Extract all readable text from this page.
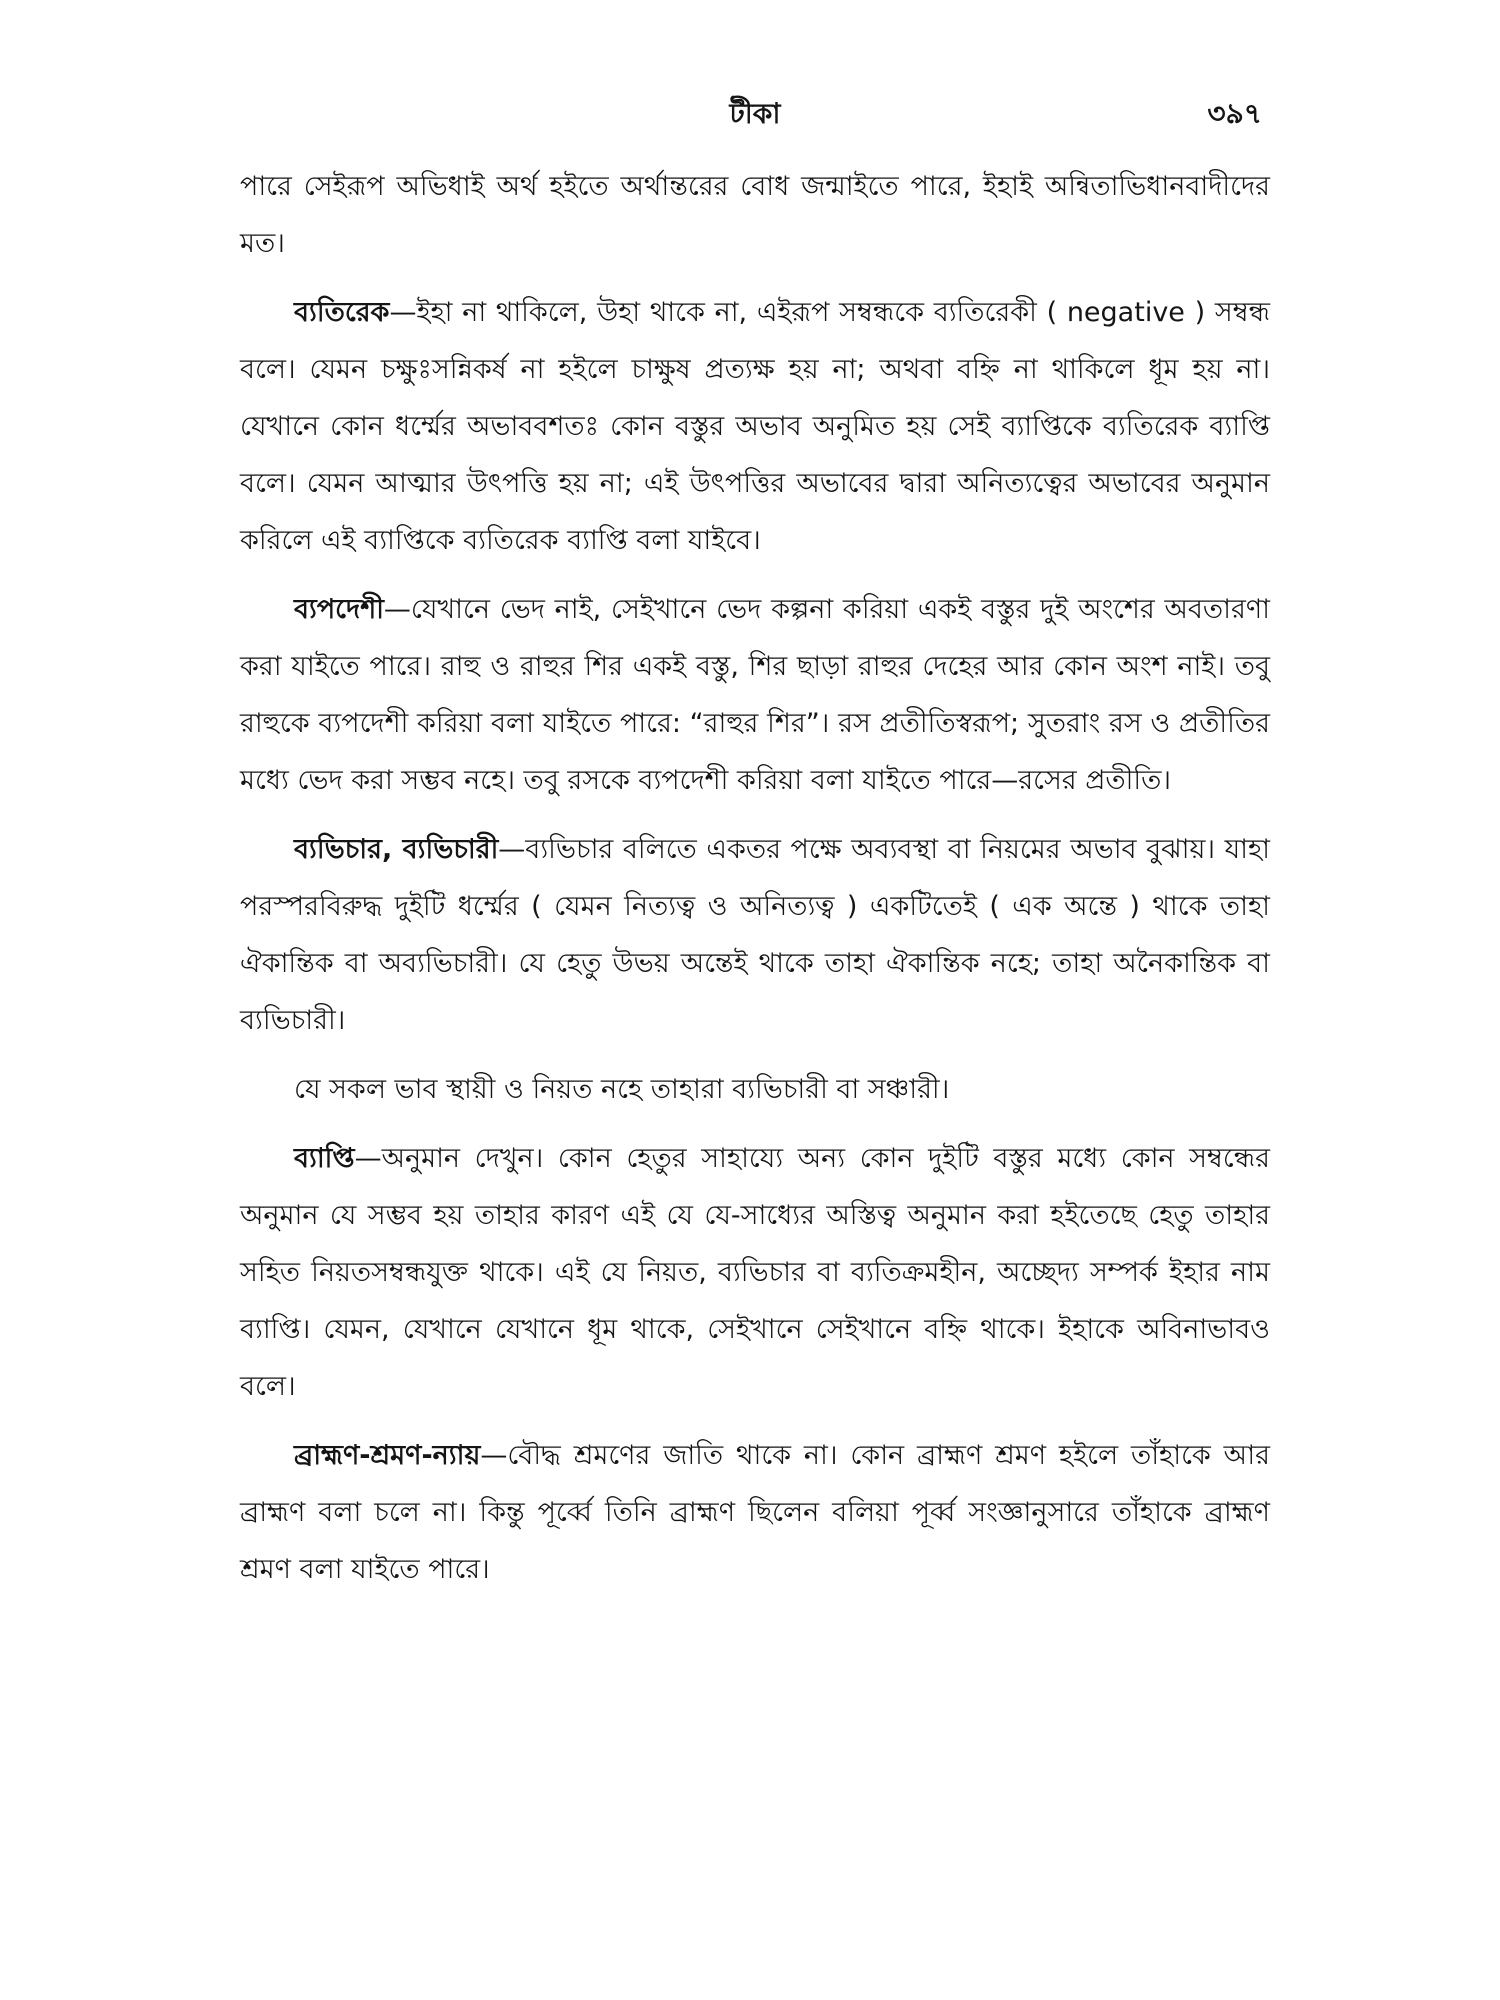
টীকা	৩৯৭

পারে সেইরূপ অভিধাই অর্থ হইতে অর্থান্তরের বোধ জন্মাইতে পারে, ইহাই অন্বিতাভিধানবাদীদের মত।

ব্যতিরেক—ইহা না থাকিলে, উহা থাকে না, এইরূপ সম্বন্ধকে ব্যতিরেকী ( negative ) সম্বন্ধ বলে। যেমন চক্ষুঃসন্নিকর্ষ না হইলে চাক্ষুষ প্রত্যক্ষ হয় না; অথবা বহ্নি না থাকিলে ধূম হয় না। যেখানে কোন ধর্ম্মের অভাববশতঃ কোন বস্তুর অভাব অনুমিত হয় সেই ব্যাপ্তিকে ব্যতিরেক ব্যাপ্তি বলে। যেমন আত্মার উৎপত্তি হয় না; এই উৎপত্তির অভাবের দ্বারা অনিত্যত্বের অভাবের অনুমান করিলে এই ব্যাপ্তিকে ব্যতিরেক ব্যাপ্তি বলা যাইবে।

ব্যপদেশী—যেখানে ভেদ নাই, সেইখানে ভেদ কল্পনা করিয়া একই বস্তুর দুই অংশের অবতারণা করা যাইতে পারে। রাহু ও রাহুর শির একই বস্তু, শির ছাড়া রাহুর দেহের আর কোন অংশ নাই। তবু রাহুকে ব্যপদেশী করিয়া বলা যাইতে পারে: “রাহুর শির”। রস প্রতীতিস্বরূপ; সুতরাং রস ও প্রতীতির মধ্যে ভেদ করা সম্ভব নহে। তবু রসকে ব্যপদেশী করিয়া বলা যাইতে পারে—রসের প্রতীতি।

ব্যভিচার, ব্যভিচারী—ব্যভিচার বলিতে একতর পক্ষে অব্যবস্থা বা নিয়মের অভাব বুঝায়। যাহা পরস্পরবিরুদ্ধ দুইটি ধর্ম্মের ( যেমন নিত্যত্ব ও অনিত্যত্ব ) একটিতেই ( এক অন্তে ) থাকে তাহা ঐকান্তিক বা অব্যভিচারী। যে হেতু উভয় অন্তেই থাকে তাহা ঐকান্তিক নহে; তাহা অনৈকান্তিক বা ব্যভিচারী।

যে সকল ভাব স্থায়ী ও নিয়ত নহে তাহারা ব্যভিচারী বা সঞ্চারী।

ব্যাপ্তি—অনুমান দেখুন। কোন হেতুর সাহায্যে অন্য কোন দুইটি বস্তুর মধ্যে কোন সম্বন্ধের অনুমান যে সম্ভব হয় তাহার কারণ এই যে যে-সাধ্যের অস্তিত্ব অনুমান করা হইতেছে হেতু তাহার সহিত নিয়তসম্বন্ধযুক্ত থাকে। এই যে নিয়ত, ব্যভিচার বা ব্যতিক্রমহীন, অচ্ছেদ্য সম্পর্ক ইহার নাম ব্যাপ্তি। যেমন, যেখানে যেখানে ধূম থাকে, সেইখানে সেইখানে বহ্নি থাকে। ইহাকে অবিনাভাবও বলে।

ব্রাহ্মণ-শ্রমণ-ন্যায়—বৌদ্ধ শ্রমণের জাতি থাকে না। কোন ব্রাহ্মণ শ্রমণ হইলে তাঁহাকে আর ব্রাহ্মণ বলা চলে না। কিন্তু পূর্ব্বে তিনি ব্রাহ্মণ ছিলেন বলিয়া পূর্ব্ব সংজ্ঞানুসারে তাঁহাকে ব্রাহ্মণ শ্রমণ বলা যাইতে পারে।
